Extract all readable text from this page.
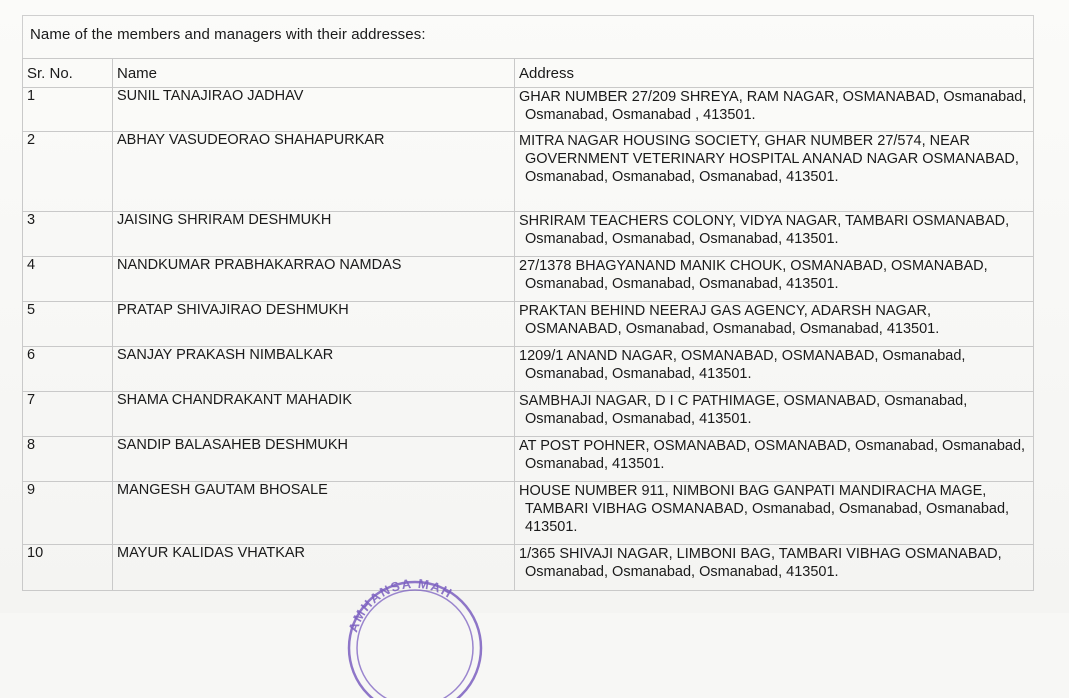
Name of the members and managers with their addresses:
Sr. No.	Name	Address
1	SUNIL TANAJIRAO JADHAV	GHAR NUMBER 27/209 SHREYA, RAM NAGAR, OSMANABAD, Osmanabad, Osmanabad, Osmanabad , 413501.

2	ABHAY VASUDEORAO SHAHAPURKAR	MITRA NAGAR HOUSING SOCIETY, GHAR NUMBER 27/574, NEAR GOVERNMENT VETERINARY HOSPITAL ANANAD NAGAR OSMANABAD, Osmanabad, Osmanabad, Osmanabad, 413501.

3	JAISING SHRIRAM DESHMUKH	SHRIRAM TEACHERS COLONY, VIDYA NAGAR, TAMBARI OSMANABAD, Osmanabad, Osmanabad, Osmanabad, 413501.

4	NANDKUMAR PRABHAKARRAO NAMDAS	27/1378 BHAGYANAND MANIK CHOUK, OSMANABAD, OSMANABAD, Osmanabad, Osmanabad, Osmanabad, 413501.

5	PRATAP SHIVAJIRAO DESHMUKH	PRAKTAN BEHIND NEERAJ GAS AGENCY, ADARSH NAGAR, OSMANABAD, Osmanabad, Osmanabad, Osmanabad, 413501.

6	SANJAY PRAKASH NIMBALKAR	1209/1 ANAND NAGAR, OSMANABAD, OSMANABAD, Osmanabad, Osmanabad, Osmanabad, 413501.

7	SHAMA CHANDRAKANT MAHADIK	SAMBHAJI NAGAR, D I C PATHIMAGE, OSMANABAD, Osmanabad, Osmanabad, Osmanabad, 413501.

8	SANDIP BALASAHEB DESHMUKH	AT POST POHNER, OSMANABAD, OSMANABAD, Osmanabad, Osmanabad, Osmanabad, 413501.

9	MANGESH GAUTAM BHOSALE	HOUSE NUMBER 911, NIMBONI BAG GANPATI MANDIRACHA MAGE, TAMBARI VIBHAG OSMANABAD, Osmanabad, Osmanabad, Osmanabad, 413501.

10	MAYUR KALIDAS VHATKAR	1/365 SHIVAJI NAGAR, LIMBONI BAG, TAMBARI VIBHAG OSMANABAD, Osmanabad, Osmanabad, Osmanabad, 413501.
AMHANSA MAH
